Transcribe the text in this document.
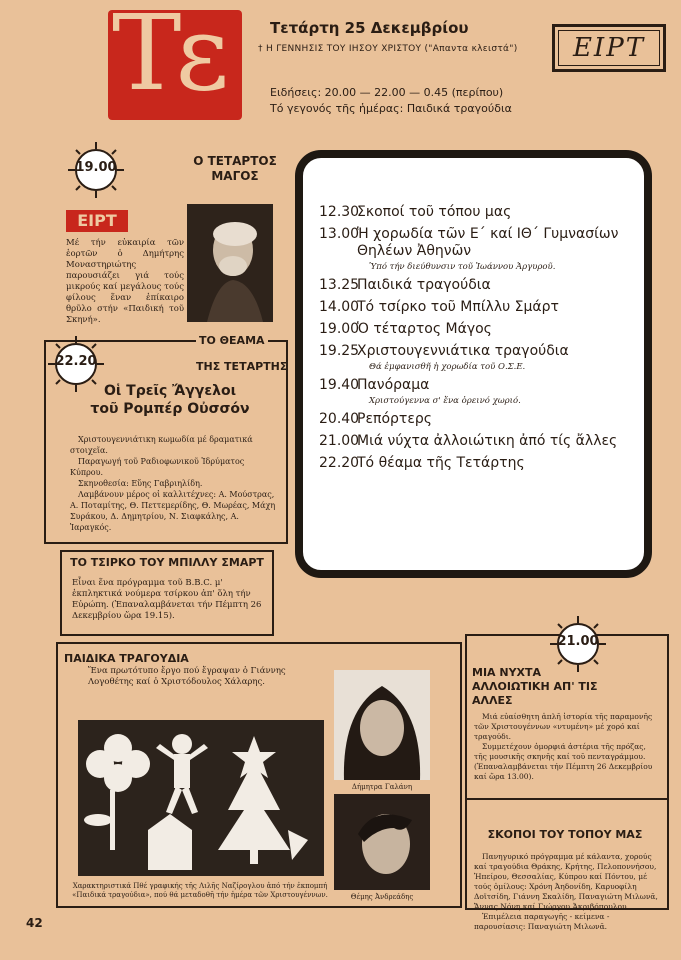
Tε	Τετάρτη 25 Δεκεμβρίου
† Η ΓΕΝΝΗΣΙΣ ΤΟΥ ΙΗΣΟΥ ΧΡΙΣΤΟΥ ("Απαντα κλειστά")
Ειδήσεις: 20.00 — 22.00 — 0.45 (περίπου)
Τό γεγονός τῆς ἡμέρας: Παιδικά τραγούδια
ΕΙΡΤ
19.00
ΕΙΡΤ
Ο ΤΕΤΑΡΤΟΣ
ΜΑΓΟΣ
Μέ τήν εὐκαιρία τῶν ἑορτῶν ὁ Δημήτρης Μοναστηριώτης παρουσιάζει γιά τούς μικρούς καί μεγάλους τούς φίλους ἕναν ἐπίκαιρο θρῦλο στήν «Παιδική τοῦ Σκηνή».
22.20
ΤΟ ΘΕΑΜΑ
ΤΗΣ ΤΕΤΑΡΤΗΣ
Οἱ Τρεῖς Ἄγγελοι
τοῦ Ρομπέρ Οὐσσόν

Χριστουγεννιάτικη κωμωδία μέ δραματικά στοιχεῖα.

Παραγωγή τοῦ Ραδιοφωνικοῦ Ἱδρύματος Κύπρου.

Σκηνοθεσία: Εὔης Γαβριηλίδη.

Λαμβάνουν μέρος οἱ καλλιτέχνες: Α. Μούστρας, Α. Ποταμίτης, Θ. Πεττεμερίδης, Θ. Μωρέας, Μάχη Συράκου, Δ. Δημητρίου, Ν. Σιαφκάλης, Α. Ἰαραγκός.

ΤΟ ΤΣΙΡΚΟ ΤΟΥ ΜΠΙΛΛΥ ΣΜΑΡΤ
Εἶναι ἕνα πρόγραμμα τοῦ B.B.C. μ' ἐκπληκτικά νούμερα τσίρκου ἀπ' ὅλη τήν Εὐρώπη. (Ἐπαναλαμβάνεται τήν Πέμπτη 26 Δεκεμβρίου ὥρα 19.15).
12.30
Σκοποί τοῦ τόπου μας
13.00
Ἡ χορωδία τῶν Ε΄ καί ΙΘ΄ Γυμνασίων Θηλέων Ἀθηνῶν
Ὑπό τήν διεύθυνσιν τοῦ Ἰωάννου Ἀργυροῦ.
13.25
Παιδικά τραγούδια
14.00
Τό τσίρκο τοῦ Μπίλλυ Σμάρτ
19.00
Ὁ τέταρτος Μάγος
19.25
Χριστουγεννιάτικα τραγούδια
Θά ἐμφανισθῆ ἡ χορωδία τοῦ Ο.Σ.Ε.
19.40
Πανόραμα
Χριστούγεννα σ' ἕνα ὀρεινό χωριό.
20.40
Ρεπόρτερς
21.00
Μιά νύχτα ἀλλοιώτικη ἀπό τίς ἄλλες
22.20
Τό θέαμα τῆς Τετάρτης
ΠΑΙΔΙΚΑ ΤΡΑΓΟΥΔΙΑ
Ἕνα πρωτότυπο ἔργο πού ἔγραψαν ὁ Γιάννης Λογοθέτης καί ὁ Χριστόδουλος Χάλαρης.
Χαρακτηριστικά Πθέ γραφικής τῆς Λιλῆς Ναζίρογλου ἀπό τήν ἐκπομπή «Παιδικά τραγούδια», πού θά μεταδοθῆ τήν ἡμέρα τῶν Χριστουγέννων.
Δήμητρα Γαλάνη
Θέμης Ἀνδρεάδης
21.00
ΜΙΑ ΝΥΧΤΑ
ΑΛΛΟΙΩΤΙΚΗ ΑΠ' ΤΙΣ ΑΛΛΕΣ

Μιά εὐαίσθητη ἁπλῆ ἱστορία τῆς παραμονῆς τῶν Χριστουγέννων «ντυμένη» μέ χορό καί τραγούδι.

Συμμετέχουν ὁμορφιά ἀστέρια τῆς πρόζας, τῆς μουσικῆς σκηνῆς καί τοῦ πενταγράμμου. (Ἐπαναλαμβάνεται τήν Πέμπτη 26 Δεκεμβρίου καί ὥρα 13.00).

ΣΚΟΠΟΙ ΤΟΥ ΤΟΠΟΥ ΜΑΣ

Πανηγυρικό πρόγραμμα μέ κάλαντα, χορούς καί τραγούδια Θράκης, Κρήτης, Πελοποννήσου, Ἠπείρου, Θεσσαλίας, Κύπρου καί Πόντου, μέ τούς ὁμίλους: Χρόνη Ἀηδονίδη, Καρυοφίλη Δοϊτσίδη, Γιάννη Σκαλίδη, Παναγιώτη Μιλωνᾶ, Ἄννας Νόνη καί Γιώργου Ἀκριβόπουλου.

Ἐπιμέλεια παραγωγῆς - κείμενα - παρουσίασις: Παναγιώτη Μιλωνᾶ.

42
